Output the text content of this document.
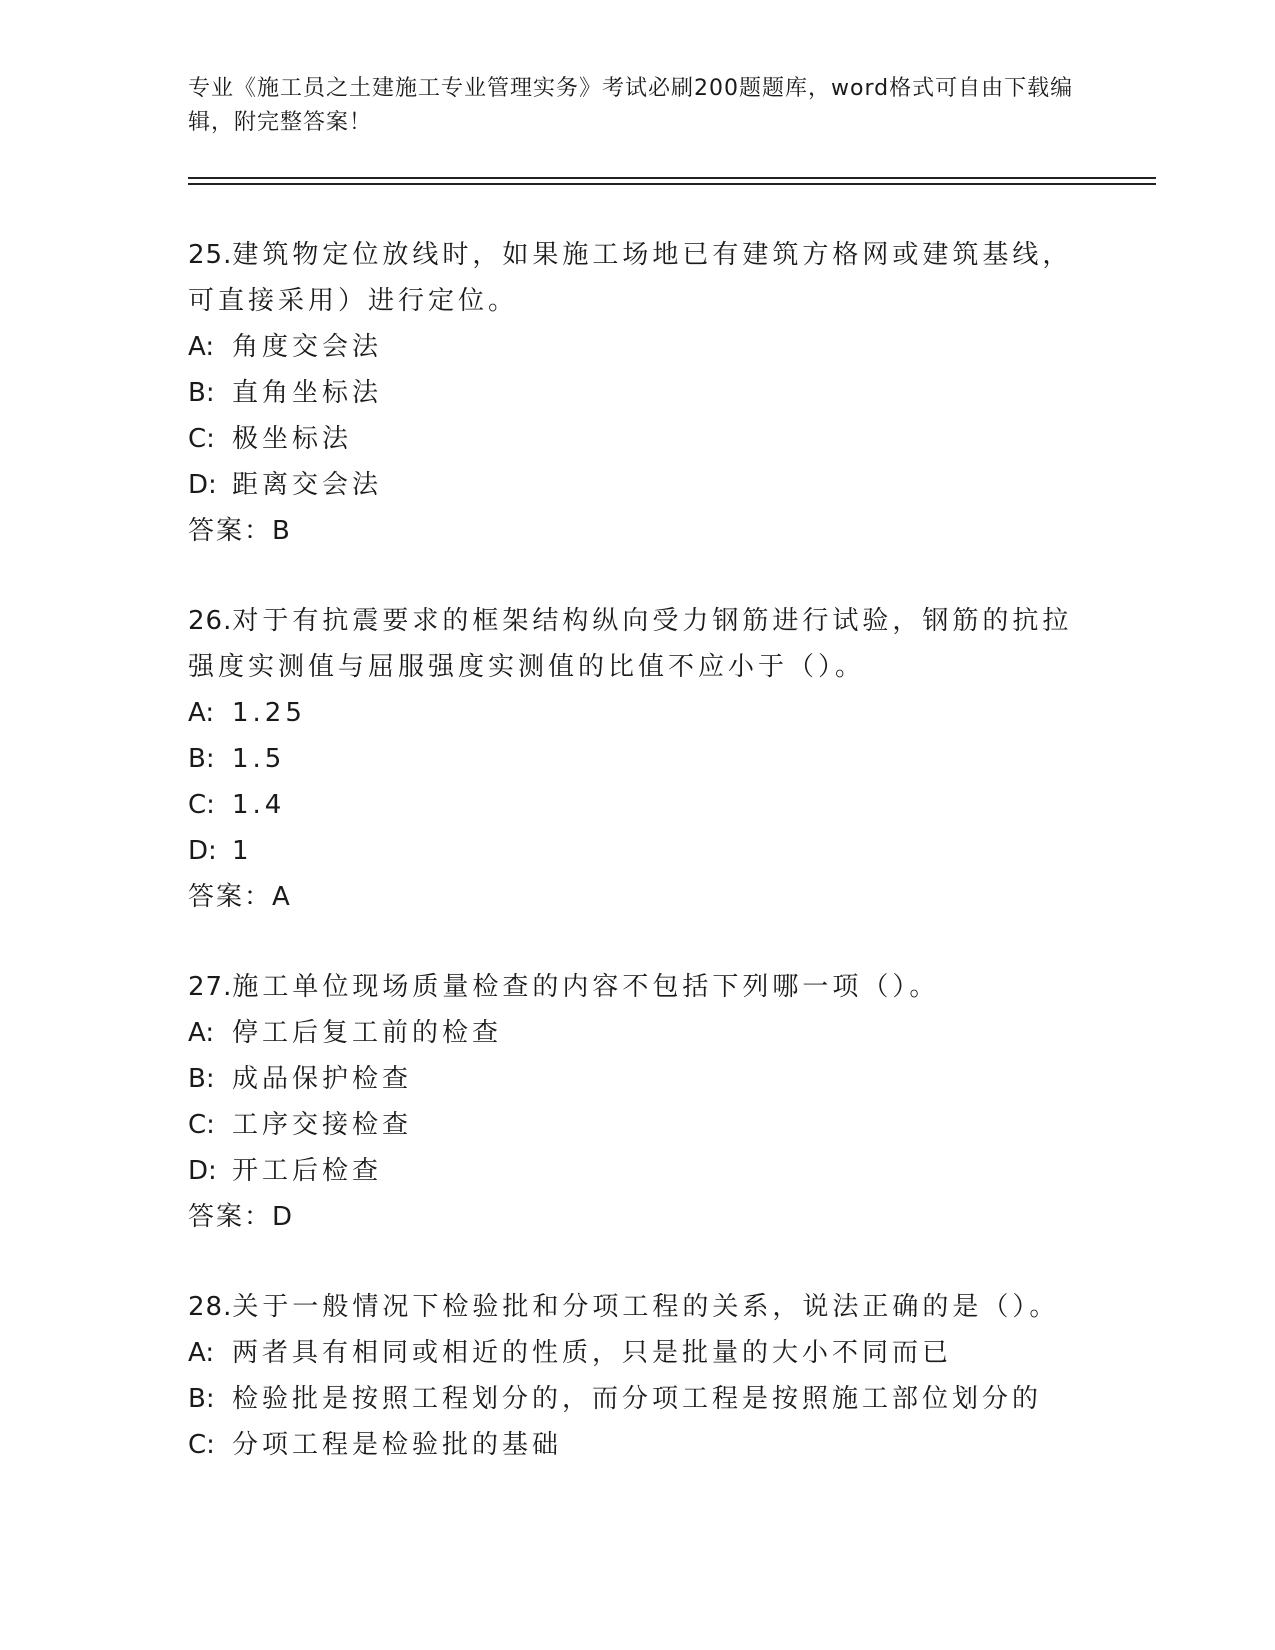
专业《施工员之土建施工专业管理实务》考试必刷200题题库，word格式可自由下载编辑，附完整答案！
25.建筑物定位放线时，如果施工场地已有建筑方格网或建筑基线，可直接采用）进行定位。
A: 角度交会法
B: 直角坐标法
C: 极坐标法
D: 距离交会法
答案：B
26.对于有抗震要求的框架结构纵向受力钢筋进行试验，钢筋的抗拉强度实测值与屈服强度实测值的比值不应小于（）。
A: 1.25
B: 1.5
C: 1.4
D: 1
答案：A
27.施工单位现场质量检查的内容不包括下列哪一项（）。
A: 停工后复工前的检查
B: 成品保护检查
C: 工序交接检查
D: 开工后检查
答案：D
28.关于一般情况下检验批和分项工程的关系，说法正确的是（）。
A: 两者具有相同或相近的性质，只是批量的大小不同而已
B: 检验批是按照工程划分的，而分项工程是按照施工部位划分的
C: 分项工程是检验批的基础
